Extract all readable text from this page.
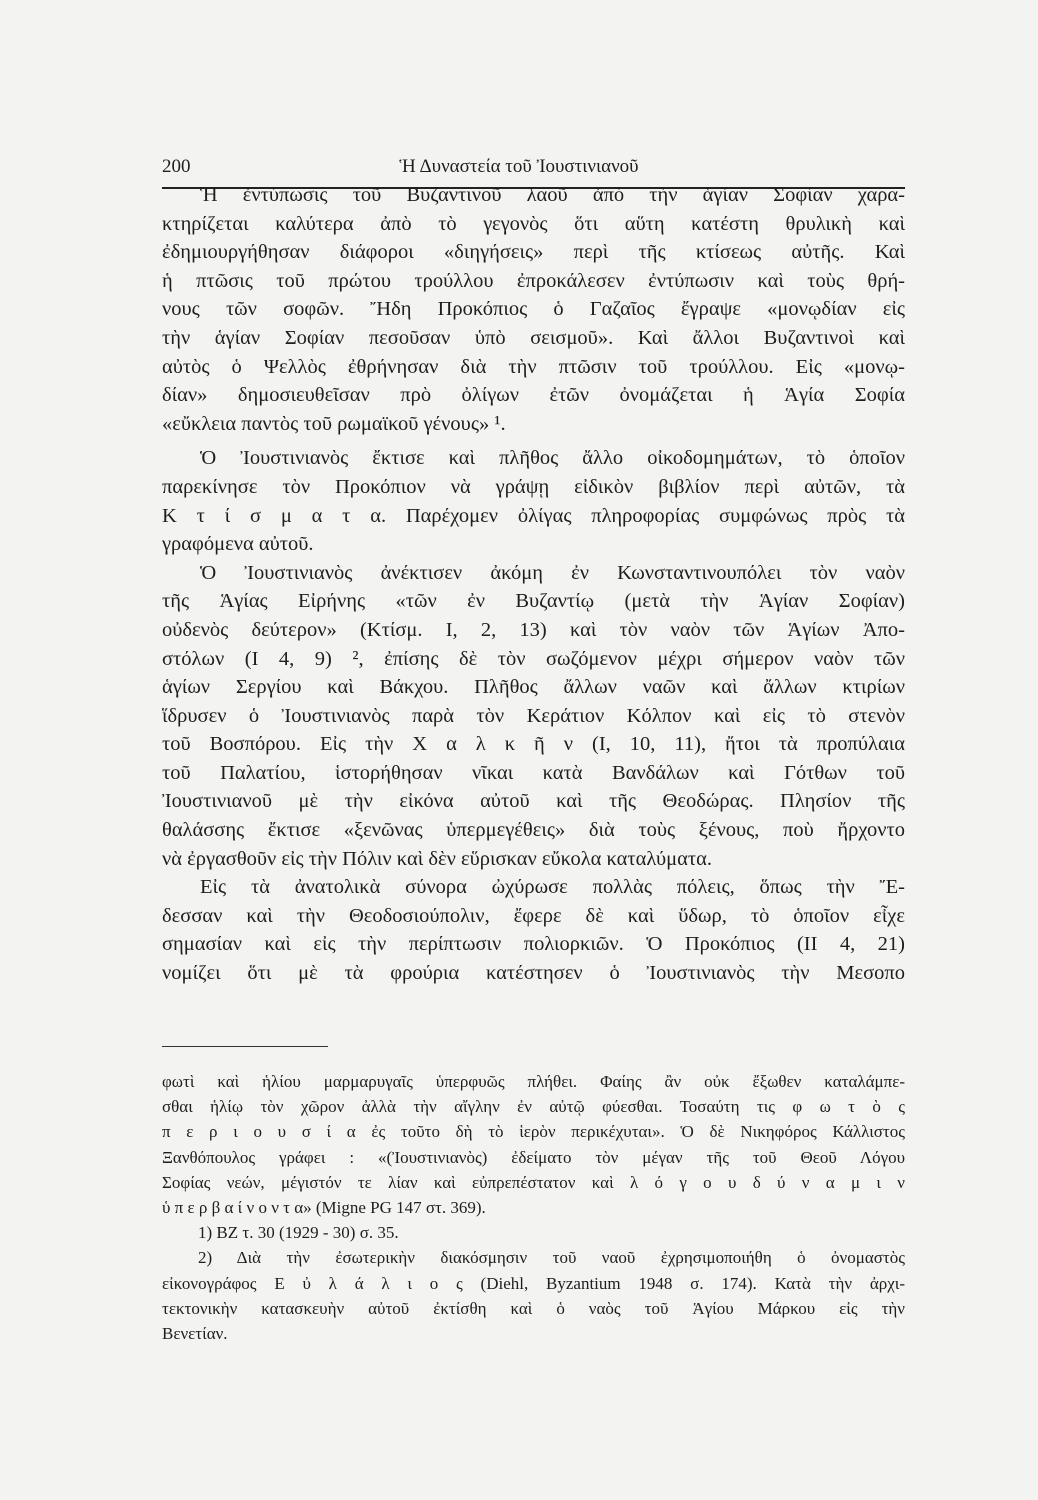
200	Ἡ Δυναστεία τοῦ Ἰουστινιανοῦ
Ἡ ἐντύπωσις τοῦ Βυζαντινοῦ λαοῦ ἀπὸ τὴν ἁγίαν Σοφίαν χαρα-
κτηρίζεται καλύτερα ἀπὸ τὸ γεγονὸς ὅτι αὕτη κατέστη θρυλικὴ καὶ
ἐδημιουργήθησαν διάφοροι «διηγήσεις» περὶ τῆς κτίσεως αὐτῆς. Καὶ
ἡ πτῶσις τοῦ πρώτου τρούλλου ἐπροκάλεσεν ἐντύπωσιν καὶ τοὺς θρή-
νους τῶν σοφῶν. Ἤδη Προκόπιος ὁ Γαζαῖος ἔγραψε «μονῳδίαν εἰς
τὴν ἁγίαν Σοφίαν πεσοῦσαν ὑπὸ σεισμοῦ». Καὶ ἄλλοι Βυζαντινοὶ καὶ
αὐτὸς ὁ Ψελλὸς ἐθρήνησαν διὰ τὴν πτῶσιν τοῦ τρούλλου. Εἰς «μονῳ-
δίαν» δημοσιευθεῖσαν πρὸ ὀλίγων ἐτῶν ὀνομάζεται ἡ Ἁγία Σοφία
«εὔκλεια παντὸς τοῦ ρωμαϊκοῦ γένους» ¹.
Ὁ Ἰουστινιανὸς ἔκτισε καὶ πλῆθος ἄλλο οἰκοδομημάτων, τὸ ὁποῖον
παρεκίνησε τὸν Προκόπιον νὰ γράψῃ εἰδικὸν βιβλίον περὶ αὐτῶν, τὰ
Κ τ ί σ μ α τ α. Παρέχομεν ὀλίγας πληροφορίας συμφώνως πρὸς τὰ
γραφόμενα αὐτοῦ.
Ὁ Ἰουστινιανὸς ἀνέκτισεν ἀκόμη ἐν Κωνσταντινουπόλει τὸν ναὸν
τῆς Ἁγίας Εἰρήνης «τῶν ἐν Βυζαντίῳ (μετὰ τὴν Ἁγίαν Σοφίαν)
οὐδενὸς δεύτερον» (Κτίσμ. I, 2, 13) καὶ τὸν ναὸν τῶν Ἁγίων Ἀπο-
στόλων (I 4, 9) ², ἐπίσης δὲ τὸν σωζόμενον μέχρι σήμερον ναὸν τῶν
ἁγίων Σεργίου καὶ Βάκχου. Πλῆθος ἄλλων ναῶν καὶ ἄλλων κτιρίων
ἵδρυσεν ὁ Ἰουστινιανὸς παρὰ τὸν Κεράτιον Κόλπον καὶ εἰς τὸ στενὸν
τοῦ Βοσπόρου. Εἰς τὴν Χ α λ κ ῆ ν (I, 10, 11), ἤτοι τὰ προπύλαια
τοῦ Παλατίου, ἱστορήθησαν νῖκαι κατὰ Βανδάλων καὶ Γότθων τοῦ
Ἰουστινιανοῦ μὲ τὴν εἰκόνα αὐτοῦ καὶ τῆς Θεοδώρας. Πλησίον τῆς
θαλάσσης ἔκτισε «ξενῶνας ὑπερμεγέθεις» διὰ τοὺς ξένους, ποὺ ἤρχοντο
νὰ ἐργασθοῦν εἰς τὴν Πόλιν καὶ δὲν εὕρισκαν εὔκολα καταλύματα.
Εἰς τὰ ἀνατολικὰ σύνορα ὠχύρωσε πολλὰς πόλεις, ὅπως τὴν Ἔ-
δεσσαν καὶ τὴν Θεοδοσιούπολιν, ἔφερε δὲ καὶ ὕδωρ, τὸ ὁποῖον εἶχε
σημασίαν καὶ εἰς τὴν περίπτωσιν πολιορκιῶν. Ὁ Προκόπιος (II 4, 21)
νομίζει ὅτι μὲ τὰ φρούρια κατέστησεν ὁ Ἰουστινιανὸς τὴν Μεσοπο
φωτὶ καὶ ἡλίου μαρμαρυγαῖς ὑπερφυῶς πλήθει. Φαίης ἂν οὐκ ἔξωθεν καταλάμπε-
σθαι ἡλίῳ τὸν χῶρον ἀλλὰ τὴν αἴγλην ἐν αὐτῷ φύεσθαι. Τοσαύτη τις φ ω τ ὸ ς
π ε ρ ι ο υ σ ί α ἐς τοῦτο δὴ τὸ ἱερὸν περικέχυται». Ὁ δὲ Νικηφόρος Κάλλιστος
Ξανθόπουλος γράφει : «(Ἰουστινιανὸς) ἐδείματο τὸν μέγαν τῆς τοῦ Θεοῦ Λόγου
Σοφίας νεών, μέγιστόν τε λίαν καὶ εὐπρεπέστατον καὶ λ ό γ ο υ δ ύ ν α μ ι ν
ὑ π ε ρ β α ί ν ο ν τ α» (Migne PG 147 στ. 369).
1) BZ τ. 30 (1929 - 30) σ. 35.
2) Διὰ τὴν ἐσωτερικὴν διακόσμησιν τοῦ ναοῦ ἐχρησιμοποιήθη ὁ ὀνομαστὸς
εἰκονογράφος Ε ὐ λ ά λ ι ο ς (Diehl, Byzantium 1948 σ. 174). Κατὰ τὴν ἀρχι-
τεκτονικὴν κατασκευὴν αὐτοῦ ἐκτίσθη καὶ ὁ ναὸς τοῦ Ἁγίου Μάρκου εἰς τὴν
Βενετίαν.
